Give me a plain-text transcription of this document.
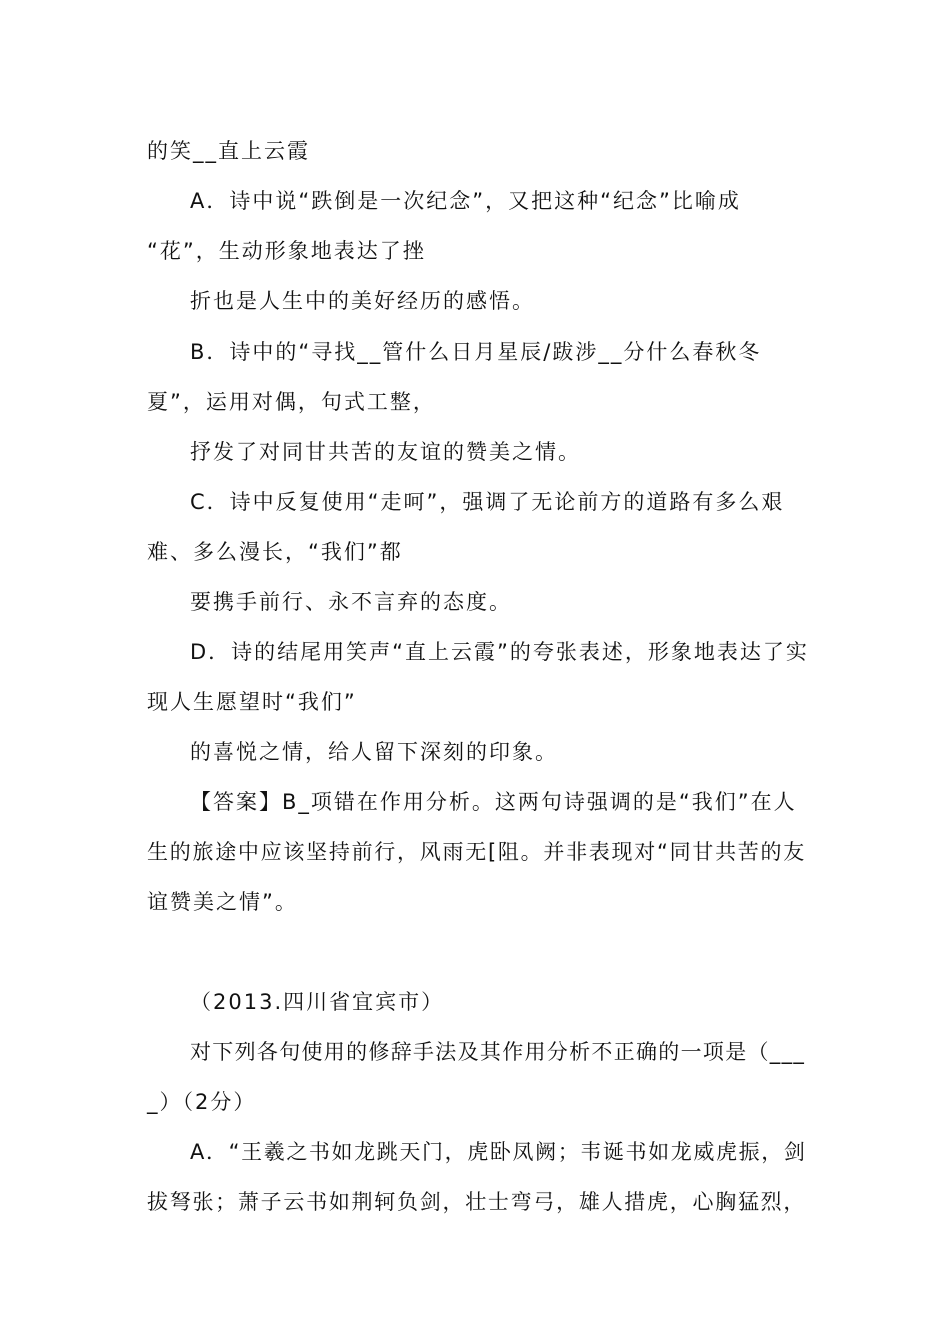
的笑__直上云霞
A．诗中说“跌倒是一次纪念”，又把这种“纪念”比喻成
“花”，生动形象地表达了挫
折也是人生中的美好经历的感悟。
B．诗中的“寻找__管什么日月星辰/跋涉__分什么春秋冬
夏”，运用对偶，句式工整，
抒发了对同甘共苦的友谊的赞美之情。
C．诗中反复使用“走呵”，强调了无论前方的道路有多么艰
难、多么漫长，“我们”都
要携手前行、永不言弃的态度。
D．诗的结尾用笑声“直上云霞”的夸张表述，形象地表达了实
现人生愿望时“我们”
的喜悦之情，给人留下深刻的印象。
【答案】B_项错在作用分析。这两句诗强调的是“我们”在人
生的旅途中应该坚持前行，风雨无[阻。并非表现对“同甘共苦的友
谊赞美之情”。
（2013.四川省宜宾市）
对下列各句使用的修辞手法及其作用分析不正确的一项是（___
_）（2分）
A．“王羲之书如龙跳天门，虎卧凤阙；韦诞书如龙威虎振，剑
拔弩张；萧子云书如荆轲负剑，壮士弯弓，雄人措虎，心胸猛烈，
